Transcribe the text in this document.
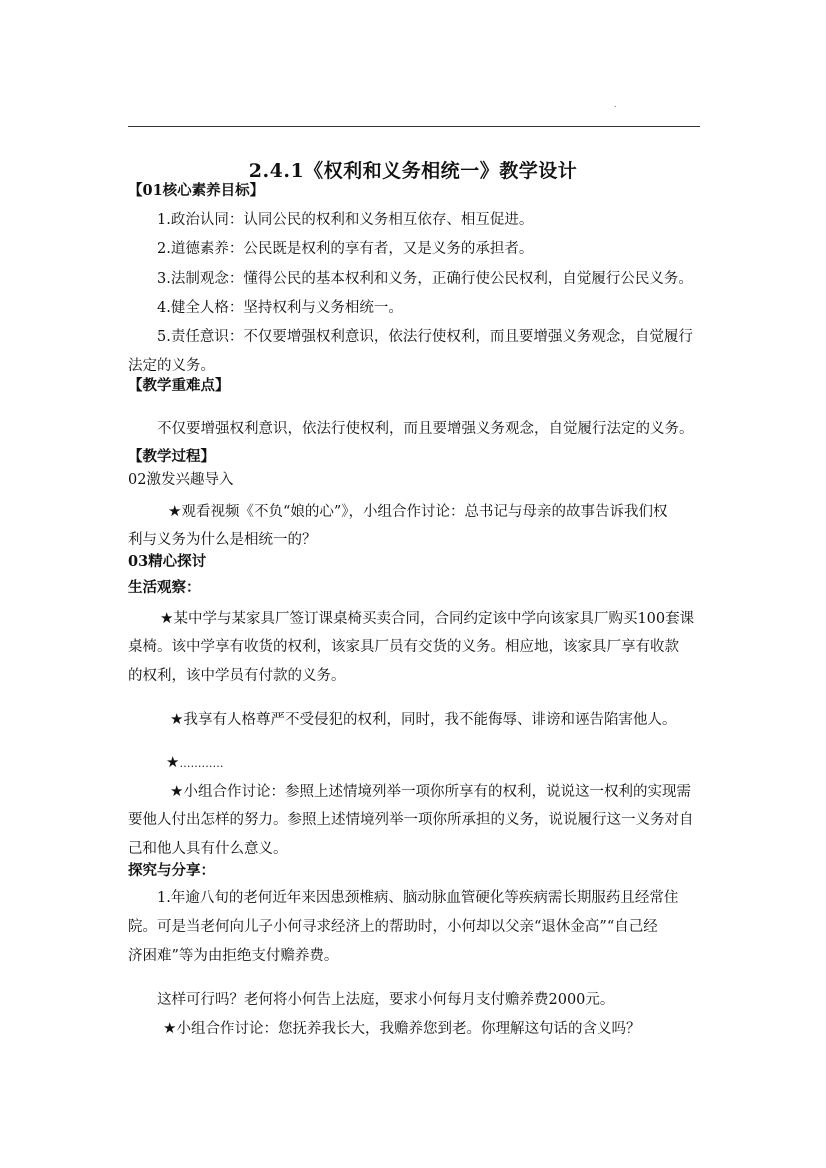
.
2.4.1《权利和义务相统一》教学设计
【01核心素养目标】
1.政治认同：认同公民的权利和义务相互依存、相互促进。
2.道德素养：公民既是权利的享有者，又是义务的承担者。
3.法制观念：懂得公民的基本权利和义务，正确行使公民权利，自觉履行公民义务。
4.健全人格：坚持权利与义务相统一。
5.责任意识：不仅要增强权利意识，依法行使权利，而且要增强义务观念，自觉履行
法定的义务。
【教学重难点】
不仅要增强权利意识，依法行使权利，而且要增强义务观念，自觉履行法定的义务。
【教学过程】
02激发兴趣导入
★观看视频《不负“娘的心”》，小组合作讨论：总书记与母亲的故事告诉我们权
利与义务为什么是相统一的？
03精心探讨
生活观察：
★某中学与某家具厂签订课桌椅买卖合同，合同约定该中学向该家具厂购买100套课
桌椅。该中学享有收货的权利，该家具厂员有交货的义务。相应地，该家具厂享有收款
的权利，该中学员有付款的义务。
★我享有人格尊严不受侵犯的权利，同时，我不能侮辱、诽谤和诬告陷害他人。
★…………
★小组合作讨论：参照上述情境列举一项你所享有的权利，说说这一权利的实现需
要他人付出怎样的努力。参照上述情境列举一项你所承担的义务，说说履行这一义务对自
己和他人具有什么意义。
探究与分享：
1.年逾八旬的老何近年来因患颈椎病、脑动脉血管硬化等疾病需长期服药且经常住
院。可是当老何向儿子小何寻求经济上的帮助时，小何却以父亲“退休金高”“自己经
济困难”等为由拒绝支付赡养费。
这样可行吗？老何将小何告上法庭，要求小何每月支付赡养费2000元。
★小组合作讨论：您抚养我长大，我赡养您到老。你理解这句话的含义吗？
